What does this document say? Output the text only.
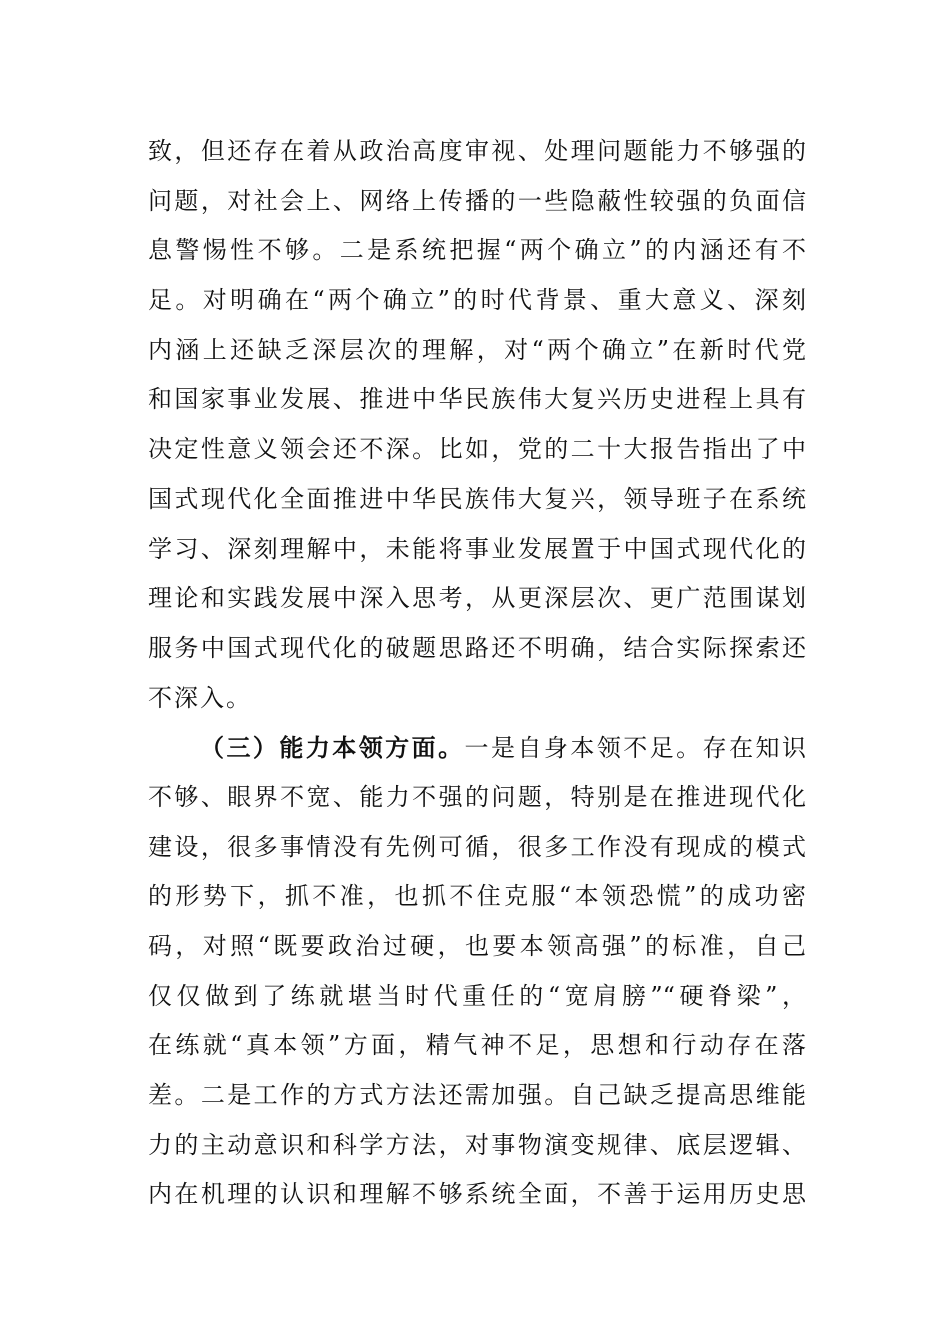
致，但还存在着从政治高度审视、处理问题能力不够强的
问题，对社会上、网络上传播的一些隐蔽性较强的负面信
息警惕性不够。二是系统把握“两个确立”的内涵还有不
足。对明确在“两个确立”的时代背景、重大意义、深刻
内涵上还缺乏深层次的理解，对“两个确立”在新时代党
和国家事业发展、推进中华民族伟大复兴历史进程上具有
决定性意义领会还不深。比如，党的二十大报告指出了中
国式现代化全面推进中华民族伟大复兴，领导班子在系统
学习、深刻理解中，未能将事业发展置于中国式现代化的
理论和实践发展中深入思考，从更深层次、更广范围谋划
服务中国式现代化的破题思路还不明确，结合实际探索还
不深入。
（三）能力本领方面。一是自身本领不足。存在知识
不够、眼界不宽、能力不强的问题，特别是在推进现代化
建设，很多事情没有先例可循，很多工作没有现成的模式
的形势下，抓不准，也抓不住克服“本领恐慌”的成功密
码，对照“既要政治过硬，也要本领高强”的标准，自己
仅仅做到了练就堪当时代重任的“宽肩膀”“硬脊梁”，
在练就“真本领”方面，精气神不足，思想和行动存在落
差。二是工作的方式方法还需加强。自己缺乏提高思维能
力的主动意识和科学方法，对事物演变规律、底层逻辑、
内在机理的认识和理解不够系统全面，不善于运用历史思
